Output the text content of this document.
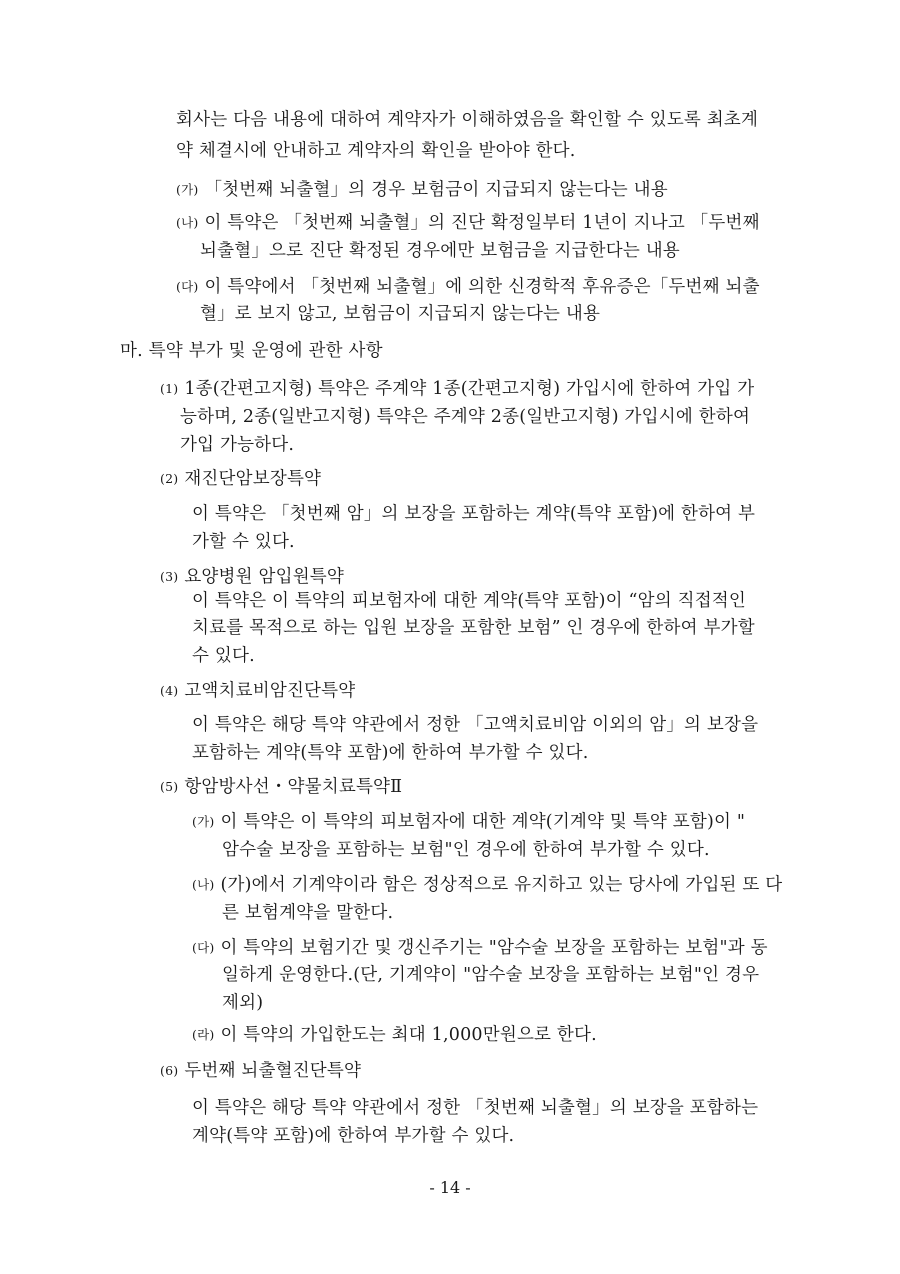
회사는 다음 내용에 대하여 계약자가 이해하였음을 확인할 수 있도록 최초계
약 체결시에 안내하고 계약자의 확인을 받아야 한다.
(가) 「첫번째 뇌출혈」의 경우 보험금이 지급되지 않는다는 내용
(나) 이 특약은 「첫번째 뇌출혈」의 진단 확정일부터 1년이 지나고 「두번째
뇌출혈」으로 진단 확정된 경우에만 보험금을 지급한다는 내용
(다) 이 특약에서 「첫번째 뇌출혈」에 의한 신경학적 후유증은「두번째 뇌출
혈」로 보지 않고, 보험금이 지급되지 않는다는 내용
마. 특약 부가 및 운영에 관한 사항
(1) 1종(간편고지형) 특약은 주계약 1종(간편고지형) 가입시에 한하여 가입 가
능하며, 2종(일반고지형) 특약은 주계약 2종(일반고지형) 가입시에 한하여
가입 가능하다.
(2) 재진단암보장특약
이 특약은 「첫번째 암」의 보장을 포함하는 계약(특약 포함)에 한하여 부
가할 수 있다.
(3) 요양병원 암입원특약
이 특약은 이 특약의 피보험자에 대한 계약(특약 포함)이 “암의 직접적인
치료를 목적으로 하는 입원 보장을 포함한 보험” 인 경우에 한하여 부가할
수 있다.
(4) 고액치료비암진단특약
이 특약은 해당 특약 약관에서 정한 「고액치료비암 이외의 암」의 보장을
포함하는 계약(특약 포함)에 한하여 부가할 수 있다.
(5) 항암방사선・약물치료특약Ⅱ
(가) 이 특약은 이 특약의 피보험자에 대한 계약(기계약 및 특약 포함)이 "
암수술 보장을 포함하는 보험"인 경우에 한하여 부가할 수 있다.
(나) (가)에서 기계약이라 함은 정상적으로 유지하고 있는 당사에 가입된 또 다
른 보험계약을 말한다.
(다) 이 특약의 보험기간 및 갱신주기는 "암수술 보장을 포함하는 보험"과 동
일하게 운영한다.(단, 기계약이 "암수술 보장을 포함하는 보험"인 경우
제외)
(라) 이 특약의 가입한도는 최대 1,000만원으로 한다.
(6) 두번째 뇌출혈진단특약
이 특약은 해당 특약 약관에서 정한 「첫번째 뇌출혈」의 보장을 포함하는
계약(특약 포함)에 한하여 부가할 수 있다.
- 14 -
